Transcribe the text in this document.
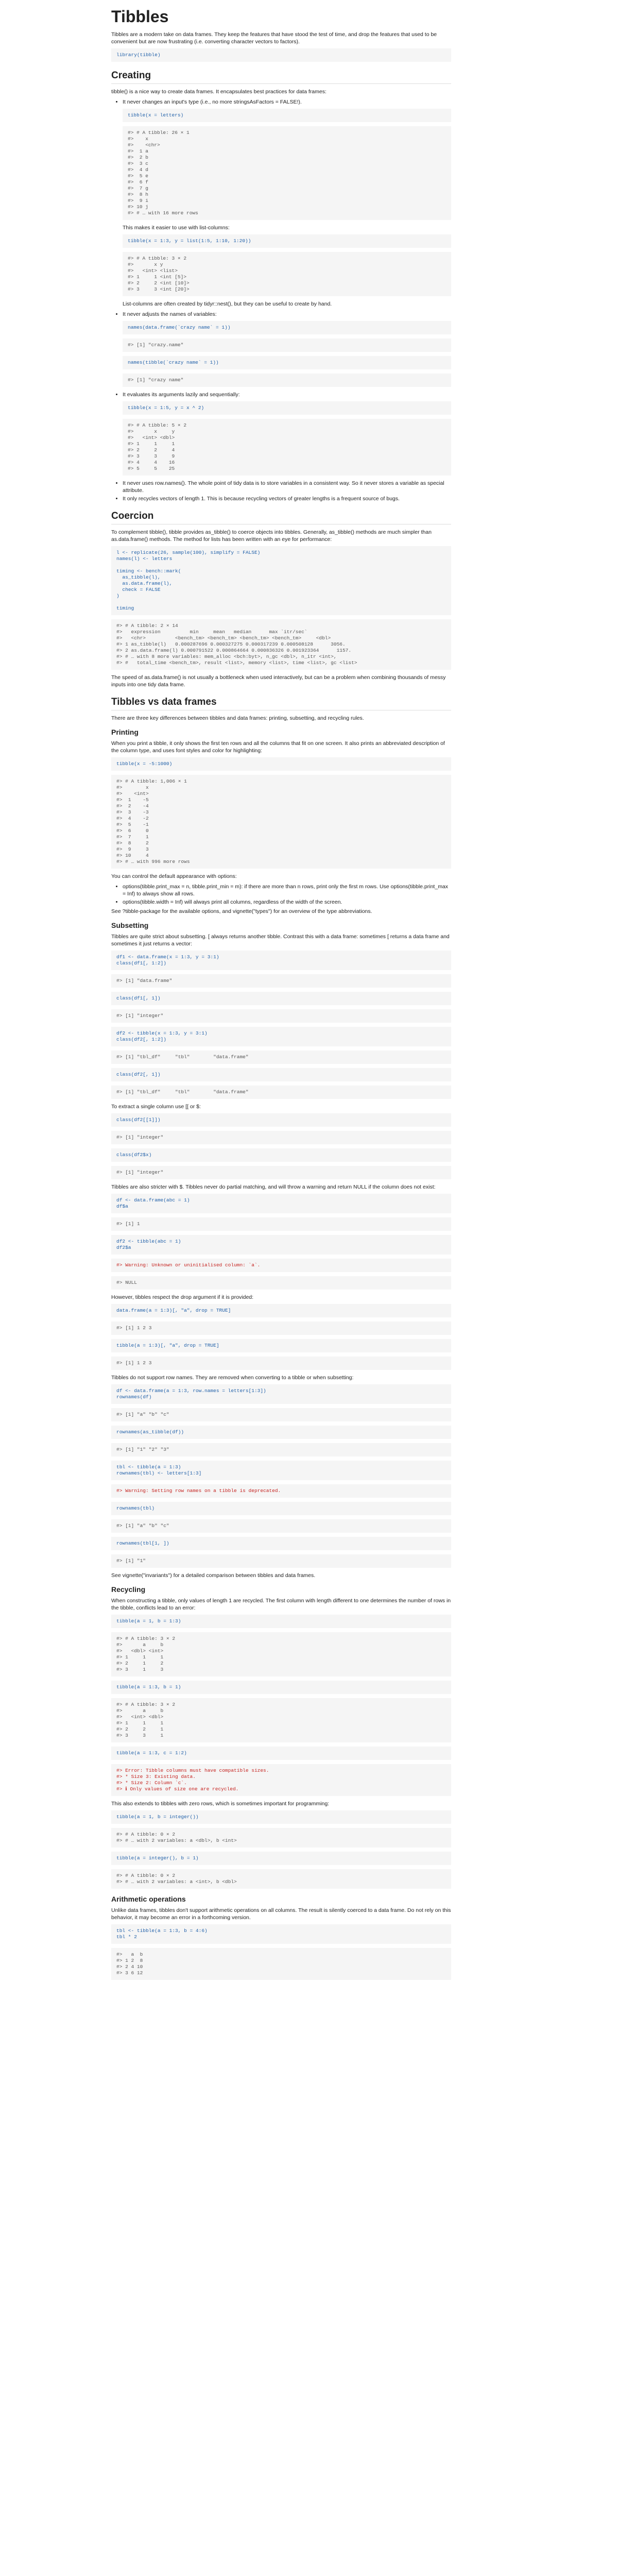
Tibbles

Tibbles are a modern take on data frames. They keep the features that have stood the test of time, and drop the features that used to be convenient but are now frustrating (i.e. converting character vectors to factors).

library(tibble)
Creating

tibble() is a nice way to create data frames. It encapsulates best practices for data frames:

• It never changes an input's type (i.e., no more stringsAsFactors = FALSE!).
tibble(x = letters)
#> # A tibble: 26 × 1
#>    x
#>    <chr>
#>  1 a
#>  2 b
#>  3 c
#>  4 d
#>  5 e
#>  6 f
#>  7 g
#>  8 h
#>  9 i
#> 10 j
#> # … with 16 more rows

This makes it easier to use with list-columns:

tibble(x = 1:3, y = list(1:5, 1:10, 1:20))
#> # A tibble: 3 × 2
#>       x y
#>   <int> <list>
#> 1     1 <int [5]>
#> 2     2 <int [10]>
#> 3     3 <int [20]>

List-columns are often created by tidyr::nest(), but they can be useful to create by hand.

• It never adjusts the names of variables:
names(data.frame(`crazy name` = 1))
#> [1] "crazy.name"
names(tibble(`crazy name` = 1))
#> [1] "crazy name"
• It evaluates its arguments lazily and sequentially:
tibble(x = 1:5, y = x ^ 2)
#> # A tibble: 5 × 2
#>       x     y
#>   <int> <dbl>
#> 1     1     1
#> 2     2     4
#> 3     3     9
#> 4     4    16
#> 5     5    25
• It never uses row.names(). The whole point of tidy data is to store variables in a consistent way. So it never stores a variable as special attribute.
• It only recycles vectors of length 1. This is because recycling vectors of greater lengths is a frequent source of bugs.
Coercion

To complement tibble(), tibble provides as_tibble() to coerce objects into tibbles. Generally, as_tibble() methods are much simpler than as.data.frame() methods. The method for lists has been written with an eye for performance:

l <- replicate(26, sample(100), simplify = FALSE)
names(l) <- letters

timing <- bench::mark(
as_tibble(l),
as.data.frame(l),
check = FALSE
)

timing
#> # A tibble: 2 × 14
#>   expression          min     mean   median      max `itr/sec`
#>   <chr>          <bench_tm> <bench_tm> <bench_tm> <bench_tm>     <dbl>
#> 1 as_tibble(l)   0.000287696 0.000327275 0.000317239 0.000508128      3056.
#> 2 as.data.frame(l) 0.000791522 0.000864664 0.000836326 0.001923364      1157.
#> # … with 8 more variables: mem_alloc <bch:byt>, n_gc <dbl>, n_itr <int>,
#> #   total_time <bench_tm>, result <list>, memory <list>, time <list>, gc <list>

The speed of as.data.frame() is not usually a bottleneck when used interactively, but can be a problem when combining thousands of messy inputs into one tidy data frame.

Tibbles vs data frames

There are three key differences between tibbles and data frames: printing, subsetting, and recycling rules.

Printing

When you print a tibble, it only shows the first ten rows and all the columns that fit on one screen. It also prints an abbreviated description of the column type, and uses font styles and color for highlighting:

tibble(x = -5:1000)
#> # A tibble: 1,006 × 1
#>        x
#>    <int>
#>  1    -5
#>  2    -4
#>  3    -3
#>  4    -2
#>  5    -1
#>  6     0
#>  7     1
#>  8     2
#>  9     3
#> 10     4
#> # … with 996 more rows

You can control the default appearance with options:

• options(tibble.print_max = n, tibble.print_min = m): if there are more than n rows, print only the first m rows. Use options(tibble.print_max = Inf) to always show all rows.
• options(tibble.width = Inf) will always print all columns, regardless of the width of the screen.

See ?tibble-package for the available options, and vignette("types") for an overview of the type abbreviations.

Subsetting

Tibbles are quite strict about subsetting. [ always returns another tibble. Contrast this with a data frame: sometimes [ returns a data frame and sometimes it just returns a vector:

df1 <- data.frame(x = 1:3, y = 3:1)
class(df1[, 1:2])
#> [1] "data.frame"
class(df1[, 1])
#> [1] "integer"
df2 <- tibble(x = 1:3, y = 3:1)
class(df2[, 1:2])
#> [1] "tbl_df"     "tbl"        "data.frame"
class(df2[, 1])
#> [1] "tbl_df"     "tbl"        "data.frame"

To extract a single column use [[ or $:

class(df2[[1]])
#> [1] "integer"
class(df2$x)
#> [1] "integer"

Tibbles are also stricter with $. Tibbles never do partial matching, and will throw a warning and return NULL if the column does not exist:

df <- data.frame(abc = 1)
df$a
#> [1] 1
df2 <- tibble(abc = 1)
df2$a
#> Warning: Unknown or uninitialised column: `a`.
#> NULL

However, tibbles respect the drop argument if it is provided:

data.frame(a = 1:3)[, "a", drop = TRUE]
#> [1] 1 2 3
tibble(a = 1:3)[, "a", drop = TRUE]
#> [1] 1 2 3

Tibbles do not support row names. They are removed when converting to a tibble or when subsetting:

df <- data.frame(a = 1:3, row.names = letters[1:3])
rownames(df)
#> [1] "a" "b" "c"
rownames(as_tibble(df))
#> [1] "1" "2" "3"
tbl <- tibble(a = 1:3)
rownames(tbl) <- letters[1:3]
#> Warning: Setting row names on a tibble is deprecated.
rownames(tbl)
#> [1] "a" "b" "c"
rownames(tbl[1, ])
#> [1] "1"

See vignette("invariants") for a detailed comparison between tibbles and data frames.

Recycling

When constructing a tibble, only values of length 1 are recycled. The first column with length different to one determines the number of rows in the tibble, conflicts lead to an error:

tibble(a = 1, b = 1:3)
#> # A tibble: 3 × 2
#>       a     b
#>   <dbl> <int>
#> 1     1     1
#> 2     1     2
#> 3     1     3
tibble(a = 1:3, b = 1)
#> # A tibble: 3 × 2
#>       a     b
#>   <int> <dbl>
#> 1     1     1
#> 2     2     1
#> 3     3     1
tibble(a = 1:3, c = 1:2)
#> Error: Tibble columns must have compatible sizes.
#> * Size 3: Existing data.
#> * Size 2: Column `c`.
#> ℹ Only values of size one are recycled.

This also extends to tibbles with zero rows, which is sometimes important for programming:

tibble(a = 1, b = integer())
#> # A tibble: 0 × 2
#> # … with 2 variables: a <dbl>, b <int>
tibble(a = integer(), b = 1)
#> # A tibble: 0 × 2
#> # … with 2 variables: a <int>, b <dbl>
Arithmetic operations

Unlike data frames, tibbles don't support arithmetic operations on all columns. The result is silently coerced to a data frame. Do not rely on this behavior, it may become an error in a forthcoming version.

tbl <- tibble(a = 1:3, b = 4:6)
tbl * 2
#>   a  b
#> 1 2  8
#> 2 4 10
#> 3 6 12
